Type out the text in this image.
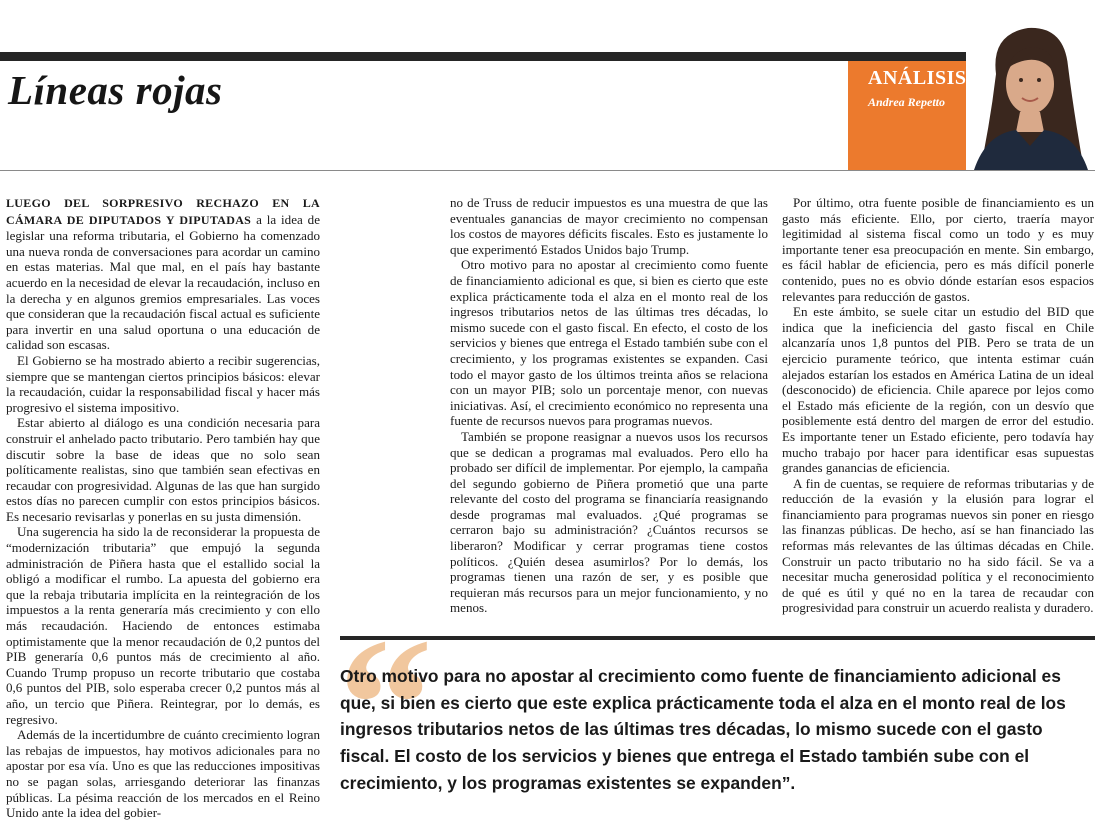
Líneas rojas	ANÁLISIS
Andrea Repetto

LUEGO DEL SORPRESIVO RECHAZO EN LA CÁMARA DE DIPUTADOS Y DIPUTADAS a la idea de legislar una reforma tributaria, el Gobierno ha comenzado una nueva ronda de conversaciones para acordar un camino en estas materias. Mal que mal, en el país hay bastante acuerdo en la necesidad de elevar la recaudación, incluso en la derecha y en algunos gremios empresariales. Las voces que consideran que la recaudación fiscal actual es suficiente para invertir en una salud oportuna o una educación de calidad son escasas.

El Gobierno se ha mostrado abierto a recibir sugerencias, siempre que se mantengan ciertos principios básicos: elevar la recaudación, cuidar la responsabilidad fiscal y hacer más progresivo el sistema impositivo.

Estar abierto al diálogo es una condición necesaria para construir el anhelado pacto tributario. Pero también hay que discutir sobre la base de ideas que no solo sean políticamente realistas, sino que también sean efectivas en recaudar con progresividad. Algunas de las que han surgido estos días no parecen cumplir con estos principios básicos. Es necesario revisarlas y ponerlas en su justa dimensión.

Una sugerencia ha sido la de reconsiderar la propuesta de “modernización tributaria” que empujó la segunda administración de Piñera hasta que el estallido social la obligó a modificar el rumbo. La apuesta del gobierno era que la rebaja tributaria implícita en la reintegración de los impuestos a la renta generaría más crecimiento y con ello más recaudación. Haciendo de entonces estimaba optimistamente que la menor recaudación de 0,2 puntos del PIB generaría 0,6 puntos más de crecimiento al año. Cuando Trump propuso un recorte tributario que costaba 0,6 puntos del PIB, solo esperaba crecer 0,2 puntos más al año, un tercio que Piñera. Reintegrar, por lo demás, es regresivo.

Además de la incertidumbre de cuánto crecimiento logran las rebajas de impuestos, hay motivos adicionales para no apostar por esa vía. Uno es que las reducciones impositivas no se pagan solas, arriesgando deteriorar las finanzas públicas. La pésima reacción de los mercados en el Reino Unido ante la idea del gobier-

no de Truss de reducir impuestos es una muestra de que las eventuales ganancias de mayor crecimiento no compensan los costos de mayores déficits fiscales. Esto es justamente lo que experimentó Estados Unidos bajo Trump.

Otro motivo para no apostar al crecimiento como fuente de financiamiento adicional es que, si bien es cierto que este explica prácticamente toda el alza en el monto real de los ingresos tributarios netos de las últimas tres décadas, lo mismo sucede con el gasto fiscal. En efecto, el costo de los servicios y bienes que entrega el Estado también sube con el crecimiento, y los programas existentes se expanden. Casi todo el mayor gasto de los últimos treinta años se relaciona con un mayor PIB; solo un porcentaje menor, con nuevas iniciativas. Así, el crecimiento económico no representa una fuente de recursos nuevos para programas nuevos.

También se propone reasignar a nuevos usos los recursos que se dedican a programas mal evaluados. Pero ello ha probado ser difícil de implementar. Por ejemplo, la campaña del segundo gobierno de Piñera prometió que una parte relevante del costo del programa se financiaría reasignando desde programas mal evaluados. ¿Qué programas se cerraron bajo su administración? ¿Cuántos recursos se liberaron? Modificar y cerrar programas tiene costos políticos. ¿Quién desea asumirlos? Por lo demás, los programas tienen una razón de ser, y es posible que requieran más recursos para un mejor funcionamiento, y no menos.

Por último, otra fuente posible de financiamiento es un gasto más eficiente. Ello, por cierto, traería mayor legitimidad al sistema fiscal como un todo y es muy importante tener esa preocupación en mente. Sin embargo, es fácil hablar de eficiencia, pero es más difícil ponerle contenido, pues no es obvio dónde estarían esos espacios relevantes para reducción de gastos.

En este ámbito, se suele citar un estudio del BID que indica que la ineficiencia del gasto fiscal en Chile alcanzaría unos 1,8 puntos del PIB. Pero se trata de un ejercicio puramente teórico, que intenta estimar cuán alejados estarían los estados en América Latina de un ideal (desconocido) de eficiencia. Chile aparece por lejos como el Estado más eficiente de la región, con un desvío que posiblemente está dentro del margen de error del estudio. Es importante tener un Estado eficiente, pero todavía hay mucho trabajo por hacer para identificar esas supuestas grandes ganancias de eficiencia.

A fin de cuentas, se requiere de reformas tributarias y de reducción de la evasión y la elusión para lograr el financiamiento para programas nuevos sin poner en riesgo las finanzas públicas. De hecho, así se han financiado las reformas más relevantes de las últimas décadas en Chile. Construir un pacto tributario no ha sido fácil. Se va a necesitar mucha generosidad política y el reconocimiento de qué es útil y qué no en la tarea de recaudar con progresividad para construir un acuerdo realista y duradero.

“
Otro motivo para no apostar al crecimiento como fuente de financiamiento adicional es que, si bien es cierto que este explica prácticamente toda el alza en el monto real de los ingresos tributarios netos de las últimas tres décadas, lo mismo sucede con el gasto fiscal. El costo de los servicios y bienes que entrega el Estado también sube con el crecimiento, y los programas existentes se expanden”.
